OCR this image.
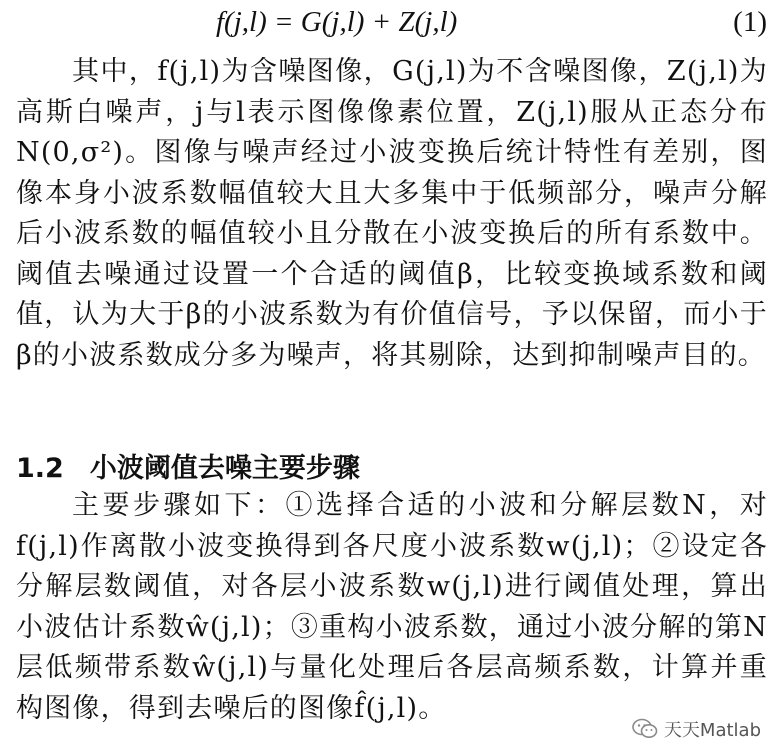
f(j,l) = G(j,l) + Z(j,l)	(1)

其中，f(j,l)为含噪图像，G(j,l)为不含噪图像，Z(j,l)为高斯白噪声，j与l表示图像像素位置，Z(j,l)服从正态分布N(0,σ²)。图像与噪声经过小波变换后统计特性有差别，图像本身小波系数幅值较大且大多集中于低频部分，噪声分解后小波系数的幅值较小且分散在小波变换后的所有系数中。阈值去噪通过设置一个合适的阈值β，比较变换域系数和阈值，认为大于β的小波系数为有价值信号，予以保留，而小于β的小波系数成分多为噪声，将其剔除，达到抑制噪声目的。

1.2 小波阈值去噪主要步骤

主要步骤如下：①选择合适的小波和分解层数N，对f(j,l)作离散小波变换得到各尺度小波系数w(j,l)；②设定各分解层数阈值，对各层小波系数w(j,l)进行阈值处理，算出小波估计系数ŵ(j,l)；③重构小波系数，通过小波分解的第N层低频带系数ŵ(j,l)与量化处理后各层高频系数，计算并重构图像，得到去噪后的图像f̂(j,l)。

天天Matlab
